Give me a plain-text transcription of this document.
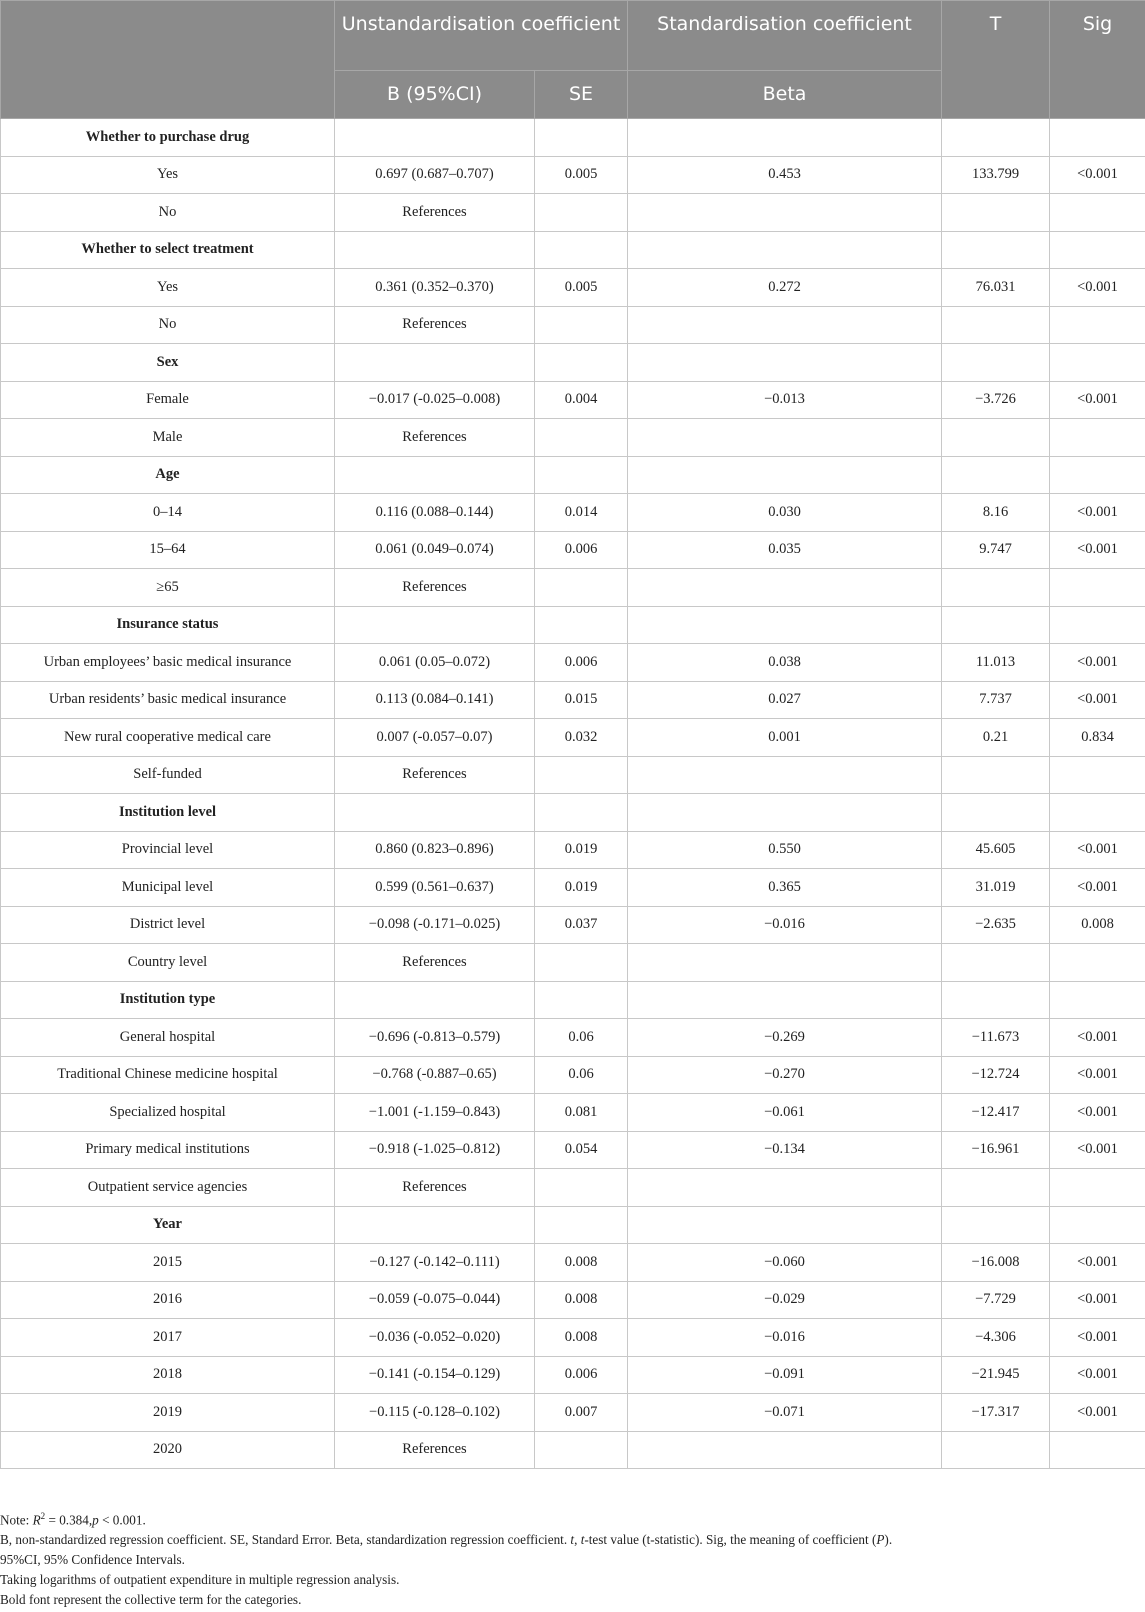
	Unstandardisation coefficient		Standardisation coefficient	T	Sig
	B (95%CI)	SE	Beta		
Whether to purchase drug					
Yes	0.697 (0.687–0.707)	0.005	0.453	133.799	<0.001
No	References				
Whether to select treatment					
Yes	0.361 (0.352–0.370)	0.005	0.272	76.031	<0.001
No	References				
Sex					
Female	−0.017 (-0.025–0.008)	0.004	−0.013	−3.726	<0.001
Male	References				
Age					
0–14	0.116 (0.088–0.144)	0.014	0.030	8.16	<0.001
15–64	0.061 (0.049–0.074)	0.006	0.035	9.747	<0.001
≥65	References				
Insurance status					
Urban employees’ basic medical insurance	0.061 (0.05–0.072)	0.006	0.038	11.013	<0.001
Urban residents’ basic medical insurance	0.113 (0.084–0.141)	0.015	0.027	7.737	<0.001
New rural cooperative medical care	0.007 (-0.057–0.07)	0.032	0.001	0.21	0.834
Self-funded	References				
Institution level					
Provincial level	0.860 (0.823–0.896)	0.019	0.550	45.605	<0.001
Municipal level	0.599 (0.561–0.637)	0.019	0.365	31.019	<0.001
District level	−0.098 (-0.171–0.025)	0.037	−0.016	−2.635	0.008
Country level	References				
Institution type					
General hospital	−0.696 (-0.813–0.579)	0.06	−0.269	−11.673	<0.001
Traditional Chinese medicine hospital	−0.768 (-0.887–0.65)	0.06	−0.270	−12.724	<0.001
Specialized hospital	−1.001 (-1.159–0.843)	0.081	−0.061	−12.417	<0.001
Primary medical institutions	−0.918 (-1.025–0.812)	0.054	−0.134	−16.961	<0.001
Outpatient service agencies	References				
Year					
2015	−0.127 (-0.142–0.111)	0.008	−0.060	−16.008	<0.001
2016	−0.059 (-0.075–0.044)	0.008	−0.029	−7.729	<0.001
2017	−0.036 (-0.052–0.020)	0.008	−0.016	−4.306	<0.001
2018	−0.141 (-0.154–0.129)	0.006	−0.091	−21.945	<0.001
2019	−0.115 (-0.128–0.102)	0.007	−0.071	−17.317	<0.001
2020	References				

Note: $R^2 = 0.384,p < 0.001$.

B, non-standardized regression coefficient. SE, Standard Error. Beta, standardization regression coefficient. t, t-test value (t-statistic). Sig, the meaning of coefficient (P).

95%CI, 95% Confidence Intervals.

Taking logarithms of outpatient expenditure in multiple regression analysis.

Bold font represent the collective term for the categories.
